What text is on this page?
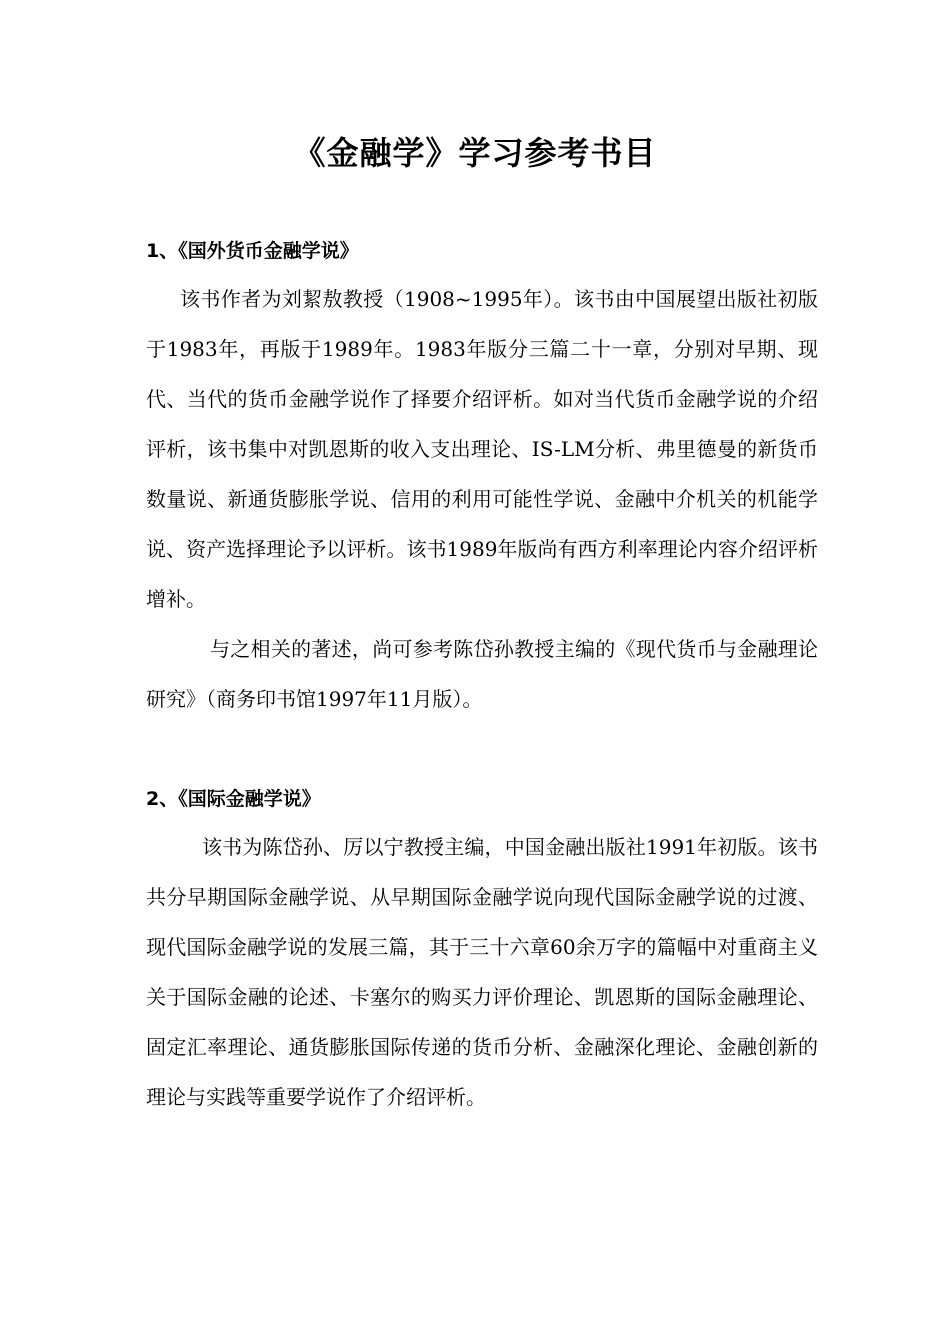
《金融学》学习参考书目
1、《国外货币金融学说》

该书作者为刘絜敖教授（1908~1995年）。该书由中国展望出版社初版于1983年，再版于1989年。1983年版分三篇二十一章，分别对早期、现代、当代的货币金融学说作了择要介绍评析。如对当代货币金融学说的介绍评析，该书集中对凯恩斯的收入支出理论、IS-LM分析、弗里德曼的新货币数量说、新通货膨胀学说、信用的利用可能性学说、金融中介机关的机能学说、资产选择理论予以评析。该书1989年版尚有西方利率理论内容介绍评析增补。

与之相关的著述，尚可参考陈岱孙教授主编的《现代货币与金融理论研究》（商务印书馆1997年11月版）。

2、《国际金融学说》

该书为陈岱孙、厉以宁教授主编，中国金融出版社1991年初版。该书共分早期国际金融学说、从早期国际金融学说向现代国际金融学说的过渡、现代国际金融学说的发展三篇，其于三十六章60余万字的篇幅中对重商主义关于国际金融的论述、卡塞尔的购买力评价理论、凯恩斯的国际金融理论、固定汇率理论、通货膨胀国际传递的货币分析、金融深化理论、金融创新的理论与实践等重要学说作了介绍评析。
